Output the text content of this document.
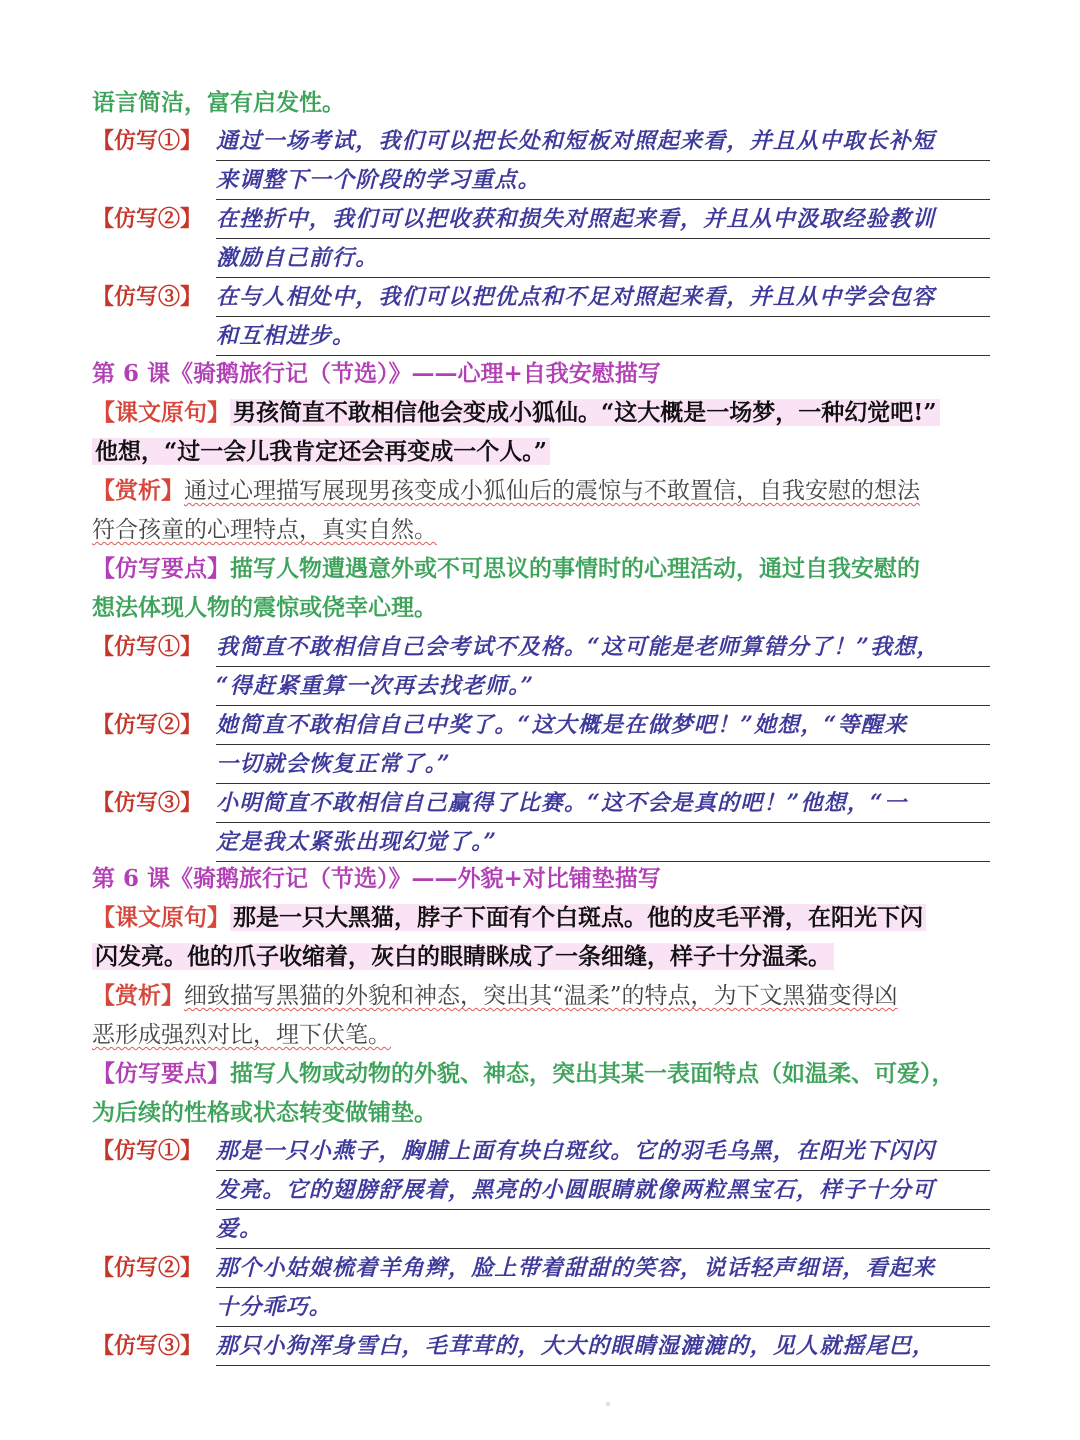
语言简洁，富有启发性。
【仿写①】 通过一场考试，我们可以把长处和短板对照起来看，并且从中取长补短
来调整下一个阶段的学习重点。
【仿写②】 在挫折中，我们可以把收获和损失对照起来看，并且从中汲取经验教训
激励自己前行。
【仿写③】 在与人相处中，我们可以把优点和不足对照起来看，并且从中学会包容
和互相进步。
第 6 课《骑鹅旅行记（节选）》——心理+自我安慰描写
【课文原句】 男孩简直不敢相信他会变成小狐仙。“这大概是一场梦，一种幻觉吧!”
他想，“过一会儿我肯定还会再变成一个人。”
【赏析】通过心理描写展现男孩变成小狐仙后的震惊与不敢置信，自我安慰的想法
符合孩童的心理特点，真实自然。
【仿写要点】描写人物遭遇意外或不可思议的事情时的心理活动，通过自我安慰的
想法体现人物的震惊或侥幸心理。
【仿写①】 我简直不敢相信自己会考试不及格。“这可能是老师算错分了！”我想，
“得赶紧重算一次再去找老师。”
【仿写②】 她简直不敢相信自己中奖了。“这大概是在做梦吧！”她想，“等醒来
一切就会恢复正常了。”
【仿写③】 小明简直不敢相信自己赢得了比赛。“这不会是真的吧！”他想，“一
定是我太紧张出现幻觉了。”
第 6 课《骑鹅旅行记（节选）》——外貌+对比铺垫描写
【课文原句】 那是一只大黑猫，脖子下面有个白斑点。他的皮毛平滑，在阳光下闪
闪发亮。他的爪子收缩着，灰白的眼睛眯成了一条细缝，样子十分温柔。
【赏析】细致描写黑猫的外貌和神态，突出其“温柔”的特点，为下文黑猫变得凶
恶形成强烈对比，埋下伏笔。
【仿写要点】描写人物或动物的外貌、神态，突出其某一表面特点（如温柔、可爱），
为后续的性格或状态转变做铺垫。
【仿写①】 那是一只小燕子，胸脯上面有块白斑纹。它的羽毛乌黑，在阳光下闪闪
发亮。它的翅膀舒展着，黑亮的小圆眼睛就像两粒黑宝石，样子十分可
爱。
【仿写②】 那个小姑娘梳着羊角辫，脸上带着甜甜的笑容，说话轻声细语，看起来
十分乖巧。
【仿写③】 那只小狗浑身雪白，毛茸茸的，大大的眼睛湿漉漉的，见人就摇尾巴，
